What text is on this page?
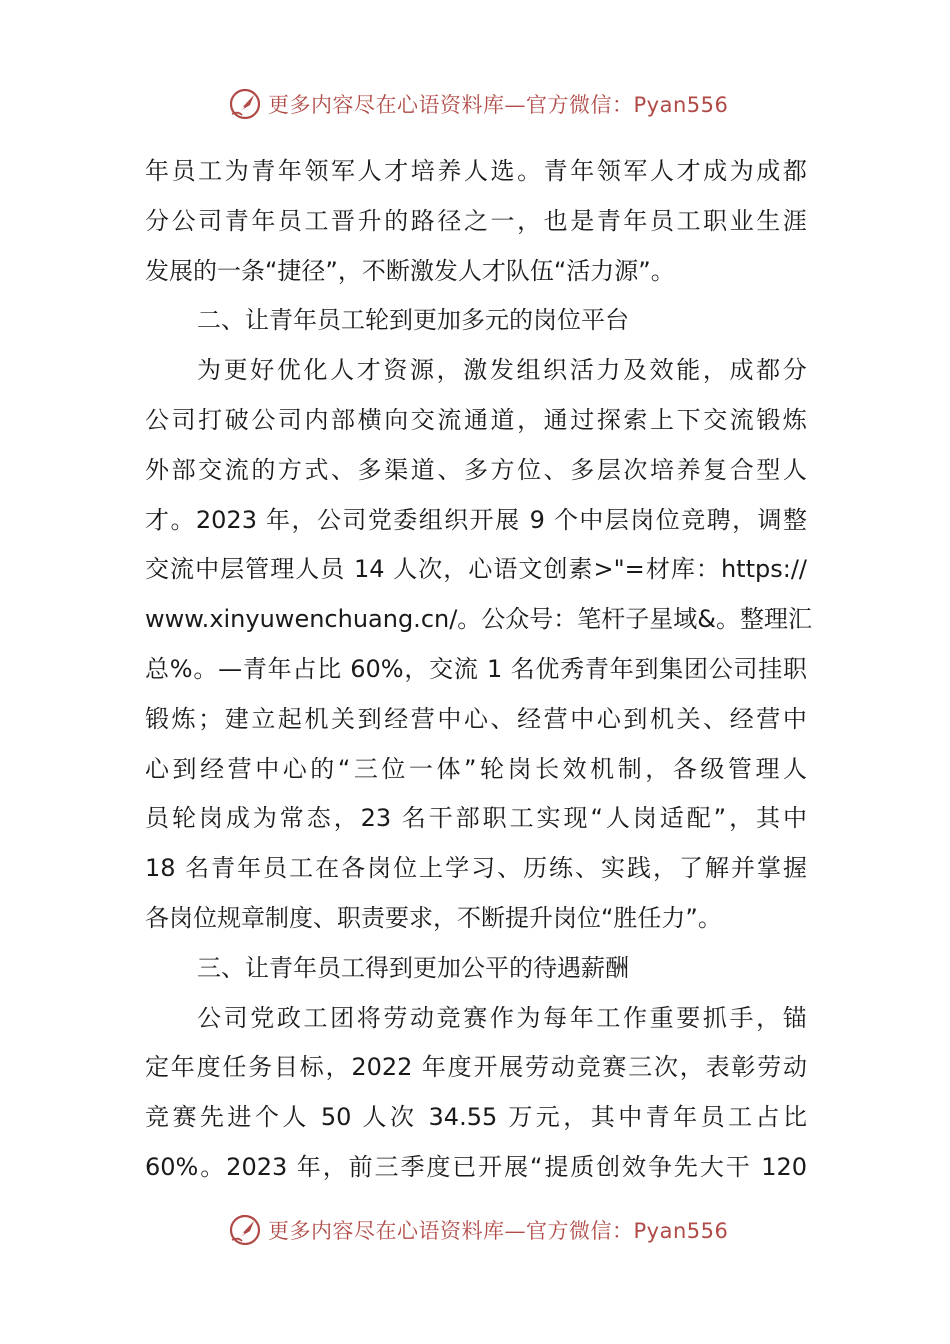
更多内容尽在心语资料库—官方微信：Pyan556
年 员 工 为 青 年 领 军 人 才 培 养 人 选 。 青 年 领 军 人 才 成 为 成 都
分 公 司 青 年 员 工 晋 升 的 路 径 之 一 ， 也 是 青 年 员 工 职 业 生 涯
发展的一条“捷径”，不断激发人才队伍“活力源”。
二、让青年员工轮到更加多元的岗位平台
为 更 好 优 化 人 才 资 源 ， 激 发 组 织 活 力 及 效 能 ， 成 都 分
公 司 打 破 公 司 内 部 横 向 交 流 通 道 ， 通 过 探 索 上 下 交 流 锻 炼
外 部 交 流 的 方 式 、 多 渠 道 、 多 方 位 、 多 层 次 培 养 复 合 型 人
才。2023 年，公司党委组织开展 9 个中层岗位竞聘，调整
交流中层管理人员 14 人次，心语文创素>"=材库：https://
www.xinyuwenchuang.cn/。公众号：笔杆子星域&。整理汇
总%。—青年占比 60%，交流 1 名优秀青年到集团公司挂职
锻 炼 ； 建 立 起 机 关 到 经 营 中 心 、 经 营 中 心 到 机 关 、 经 营 中
心 到 经 营 中 心 的 “ 三 位 一 体 ” 轮 岗 长 效 机 制 ， 各 级 管 理 人
员轮岗成为常态，23 名干部职工实现“人岗适配”，其中
18 名青年员工在各岗位上学习、历练、实践，了解并掌握
各岗位规章制度、职责要求，不断提升岗位“胜任力”。
三、让青年员工得到更加公平的待遇薪酬
公 司 党 政 工 团 将 劳 动 竞 赛 作 为 每 年 工 作 重 要 抓 手 ， 锚
定年度任务目标，2022 年度开展劳动竞赛三次，表彰劳动
竞赛先进个人 50 人次 34.55 万元，其中青年员工占比
60%。2023 年，前三季度已开展“提质创效争先大干 120
更多内容尽在心语资料库—官方微信：Pyan556
